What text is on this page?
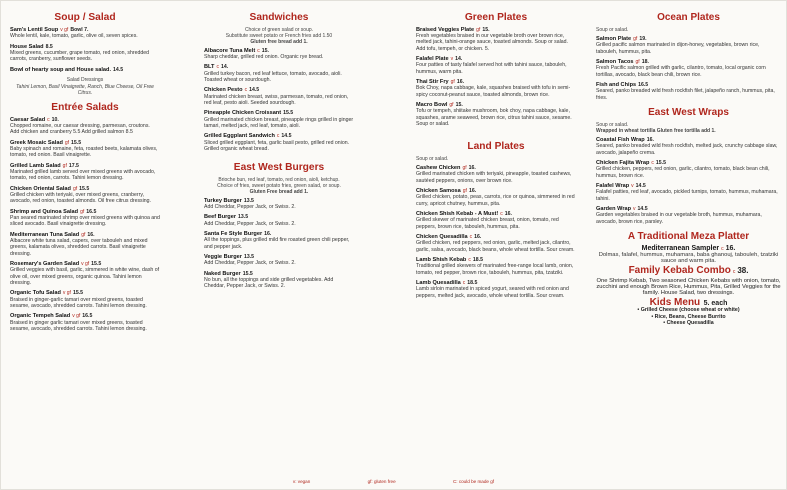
Soup / Salad
Sam's Lentil Soup v gf Bowl 7.
Whole lentil, kale, tomato, garlic, olive oil, seven spices.
House Salad 8.5
Mixed greens, cucumber, grape tomato, red onion, shredded carrots, cranberry, sunflower seeds.
Bowl of hearty soup and House salad. 14.5
Salad Dressings
Tahini Lemon, Basil Vinaigrette, Ranch, Blue Cheese, Oil Free Citrus.
Entrée Salads
Caesar Salad c 10.
Chopped romaine, our caesar dressing, parmesan, croutons. Add chicken and cranberry 5.5 Add grilled salmon 8.5
Greek Mosaic Salad gf 15.5
Baby spinach and romaine, feta, roasted beets, kalamata olives, tomato, red onion. Basil vinaigrette.
Grilled Lamb Salad gf 17.5
Marinated grilled lamb served over mixed greens with avocado, tomato, red onion, carrots. Tahini lemon dressing.
Chicken Oriental Salad gf 15.5
Grilled chicken with teriyaki, over mixed greens, cranberry, avocado, red onion, toasted almonds. Oil free citrus dressing.
Shrimp and Quinoa Salad gf 16.5
Pan seared marinated shrimp over mixed greens with quinoa and sliced avocado. Basil vinaigrette dressing.
Mediterranean Tuna Salad gf 16.
Albacore white tuna salad, capers, over tabouleh and mixed greens, kalamata olives, shredded carrots. Basil vinaigrette dressing.
Rosemary's Garden Salad v gf 15.5
Grilled veggies with basil, garlic, simmered in white wine, dash of olive oil, over mixed greens, organic quinoa. Tahini lemon dressing.
Organic Tofu Salad v gf 15.5
Braised in ginger-garlic tamari over mixed greens, toasted sesame, avocado, shredded carrots. Tahini lemon dressing.
Organic Tempeh Salad v gf 16.5
Braised in ginger garlic tamari over mixed greens, toasted sesame, avocado, shredded carrots. Tahini lemon dressing.
Sandwiches
Choice of green salad or soup.
Substitute sweet potato or French fries add 1.50
Gluten free bread add 1.
Albacore Tuna Melt c 15.
Sharp cheddar, grilled red onion. Organic rye bread.
BLT c 14.
Grilled turkey bacon, red leaf lettuce, tomato, avocado, aioli. Toasted wheat or sourdough.
Chicken Pesto c 14.5
Marinated chicken breast, swiss, parmesan, tomato, red onion, red leaf, pesto aioli. Seeded sourdough.
Pineapple Chicken Croissant 15.5
Grilled marinated chicken breast, pineapple rings grilled in ginger tamari, melted jack, red leaf, tomato, aioli.
Grilled Eggplant Sandwich c 14.5
Sliced grilled eggplant, feta, garlic basil pesto, grilled red onion. Grilled organic wheat bread.
East West Burgers
Brioche bun, red leaf, tomato, red onion, aioli, ketchup.
Choice of fries, sweet potato fries, green salad, or soup.
Gluten Free bread add 1.
Turkey Burger 13.5
Add Cheddar, Pepper Jack, or Swiss. 2.
Beef Burger 13.5
Add Cheddar, Pepper Jack, or Swiss. 2.
Santa Fe Style Burger 16.
All the toppings, plus grilled mild fire roasted green chili pepper, and pepper jack.
Veggie Burger 13.5
Add Cheddar, Pepper Jack, or Swiss. 2.
Naked Burger 15.5
No bun, all the toppings and side grilled vegetables. Add Cheddar, Pepper Jack, or Swiss. 2.
Green Plates
Braised Veggies Plate gf 15.
Fresh vegetables braised in our vegetable broth over brown rice, melted jack, tahini-orange sauce, toasted almonds. Soup or salad. Add tofu, tempeh, or chicken. 5.
Falafel Plate v 14.
Four patties of tasty falafel served hot with tahini sauce, tabouleh, hummus, warm pita.
Thai Stir Fry gf 16.
Bok Choy, napa cabbage, kale, squashes braised with tofu in semi-spicy coconut-peanut sauce, toasted almonds, brown rice.
Macro Bowl gf 15.
Tofu or tempeh, shiitake mushroom, bok choy, napa cabbage, kale, squashes, arame seaweed, brown rice, citrus tahini sauce, sesame. Soup or salad.
Land Plates
Soup or salad.
Cashew Chicken gf 16.
Grilled marinated chicken with teriyaki, pineapple, toasted cashews, sautéed peppers, onions, over brown rice.
Chicken Samosa gf 16.
Grilled chicken, potato, peas, carrots, rice or quinoa, simmered in red curry, apricot chutney, hummus, pita.
Chicken Shish Kebab - A Must! c 16.
Grilled skewer of marinated chicken breast, onion, tomato, red peppers, brown rice, tabouleh, hummus, pita.
Chicken Quesadilla c 16.
Grilled chicken, red peppers, red onion, garlic, melted jack, cilantro, garlic, salsa, avocado, black beans, whole wheat tortilla. Sour cream.
Lamb Shish Kebab c 18.5
Traditional grilled skewers of marinated free-range local lamb, onion, tomato, red pepper, brown rice, tabouleh, hummus, pita, tzatziki.
Lamb Quesadilla c 18.5
Lamb sirloin marinated in spiced yogurt, seared with red onion and peppers, melted jack, avocado, whole wheat tortilla. Sour cream.
Ocean Plates
Soup or salad.
Salmon Plate gf 19.
Grilled pacific salmon marinated in dijon-honey, vegetables, brown rice, tabouleh, hummus, pita.
Salmon Tacos gf 18.
Fresh Pacific salmon grilled with garlic, cilantro, tomato, local organic corn tortillas, avocado, black bean chili, brown rice.
Fish and Chips 16.5
Seared, panko breaded wild fresh rockfish filet, jalapeño ranch, hummus, pita, fries.
East West Wraps
Soup or salad.
Wrapped in wheat tortilla Gluten free tortilla add 1.
Coastal Fish Wrap 16.
Seared, panko breaded wild fresh rockfish, melted jack, crunchy cabbage slaw, avocado, jalapeño crema.
Chicken Fajita Wrap c 15.5
Grilled chicken, peppers, red onion, garlic, cilantro, tomato, black bean chili, hummus, brown rice.
Falafel Wrap v 14.5
Falafel patties, red leaf, avocado, pickled turnips, tomato, hummus, muhamara, tahini.
Garden Wrap v 14.5
Garden vegetables braised in our vegetable broth, hummus, muhamara, avocado, brown rice, parsley.
A Traditional Meza Platter
Mediterranean Sampler c 16.
Dolmas, falafel, hummus, muhamara, baba ghanouj, tabouleh, tzatziki sauce and warm pita.
Family Kebab Combo c 38.
One Shrimp Kebab, Two seasoned Chicken Kebabs with onion, tomato, zucchini and enough Brown Rice, Hummus, Pita, Grilled Veggies for the family. House Salad, two dressings.
Kids Menu 5. each
• Grilled Cheese (choose wheat or white)
• Rice, Beans, Cheese Burrito
• Cheese Quesadilla
v: vegan	gf: gluten free	C: could be made gf
